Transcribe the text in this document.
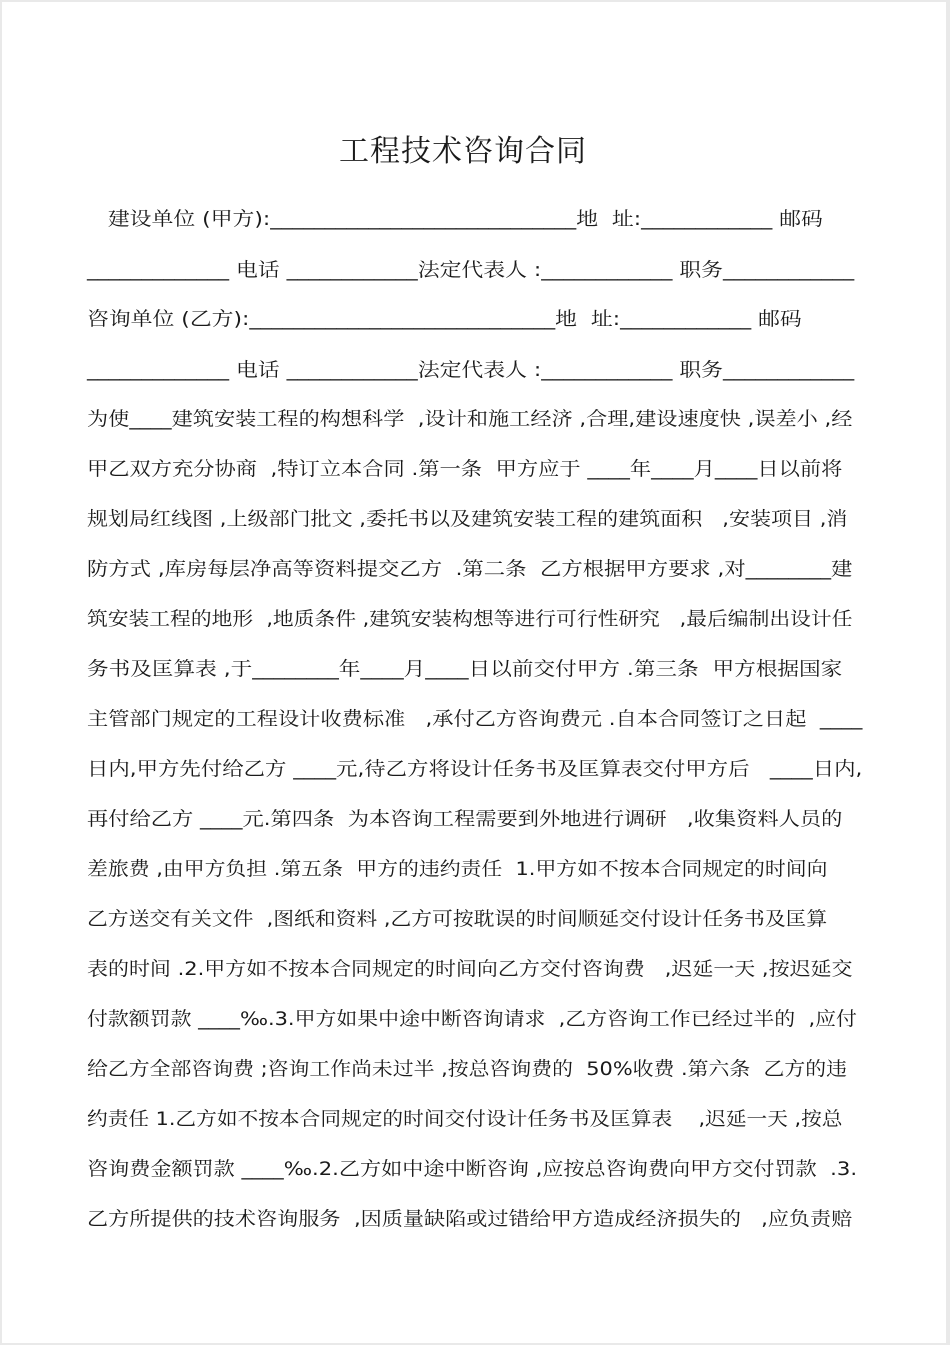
工程技术咨询合同
建设单位 (甲方):____________________________地  址:____________ 邮码
_____________ 电话 ____________法定代表人 :____________ 职务____________
咨询单位 (乙方):____________________________地  址:____________ 邮码
_____________ 电话 ____________法定代表人 :____________ 职务____________
为使____建筑安装工程的构想科学  ,设计和施工经济 ,合理,建设速度快 ,误差小 ,经
甲乙双方充分协商  ,特订立本合同 .第一条  甲方应于 ____年____月____日以前将
规划局红线图 ,上级部门批文 ,委托书以及建筑安装工程的建筑面积   ,安装项目 ,消
防方式 ,库房每层净高等资料提交乙方  .第二条  乙方根据甲方要求 ,对________建
筑安装工程的地形  ,地质条件 ,建筑安装构想等进行可行性研究   ,最后编制出设计任
务书及匡算表 ,于________年____月____日以前交付甲方 .第三条  甲方根据国家
主管部门规定的工程设计收费标准   ,承付乙方咨询费元 .自本合同签订之日起  ____
日内,甲方先付给乙方 ____元,待乙方将设计任务书及匡算表交付甲方后   ____日内,
再付给乙方 ____元.第四条  为本咨询工程需要到外地进行调研   ,收集资料人员的
差旅费 ,由甲方负担 .第五条  甲方的违约责任  1.甲方如不按本合同规定的时间向
乙方送交有关文件  ,图纸和资料 ,乙方可按耽误的时间顺延交付设计任务书及匡算
表的时间 .2.甲方如不按本合同规定的时间向乙方交付咨询费   ,迟延一天 ,按迟延交
付款额罚款 ____‰.3.甲方如果中途中断咨询请求  ,乙方咨询工作已经过半的  ,应付
给乙方全部咨询费 ;咨询工作尚未过半 ,按总咨询费的  50%收费 .第六条  乙方的违
约责任 1.乙方如不按本合同规定的时间交付设计任务书及匡算表    ,迟延一天 ,按总
咨询费金额罚款 ____‰.2.乙方如中途中断咨询 ,应按总咨询费向甲方交付罚款  .3.
乙方所提供的技术咨询服务  ,因质量缺陷或过错给甲方造成经济损失的   ,应负责赔
